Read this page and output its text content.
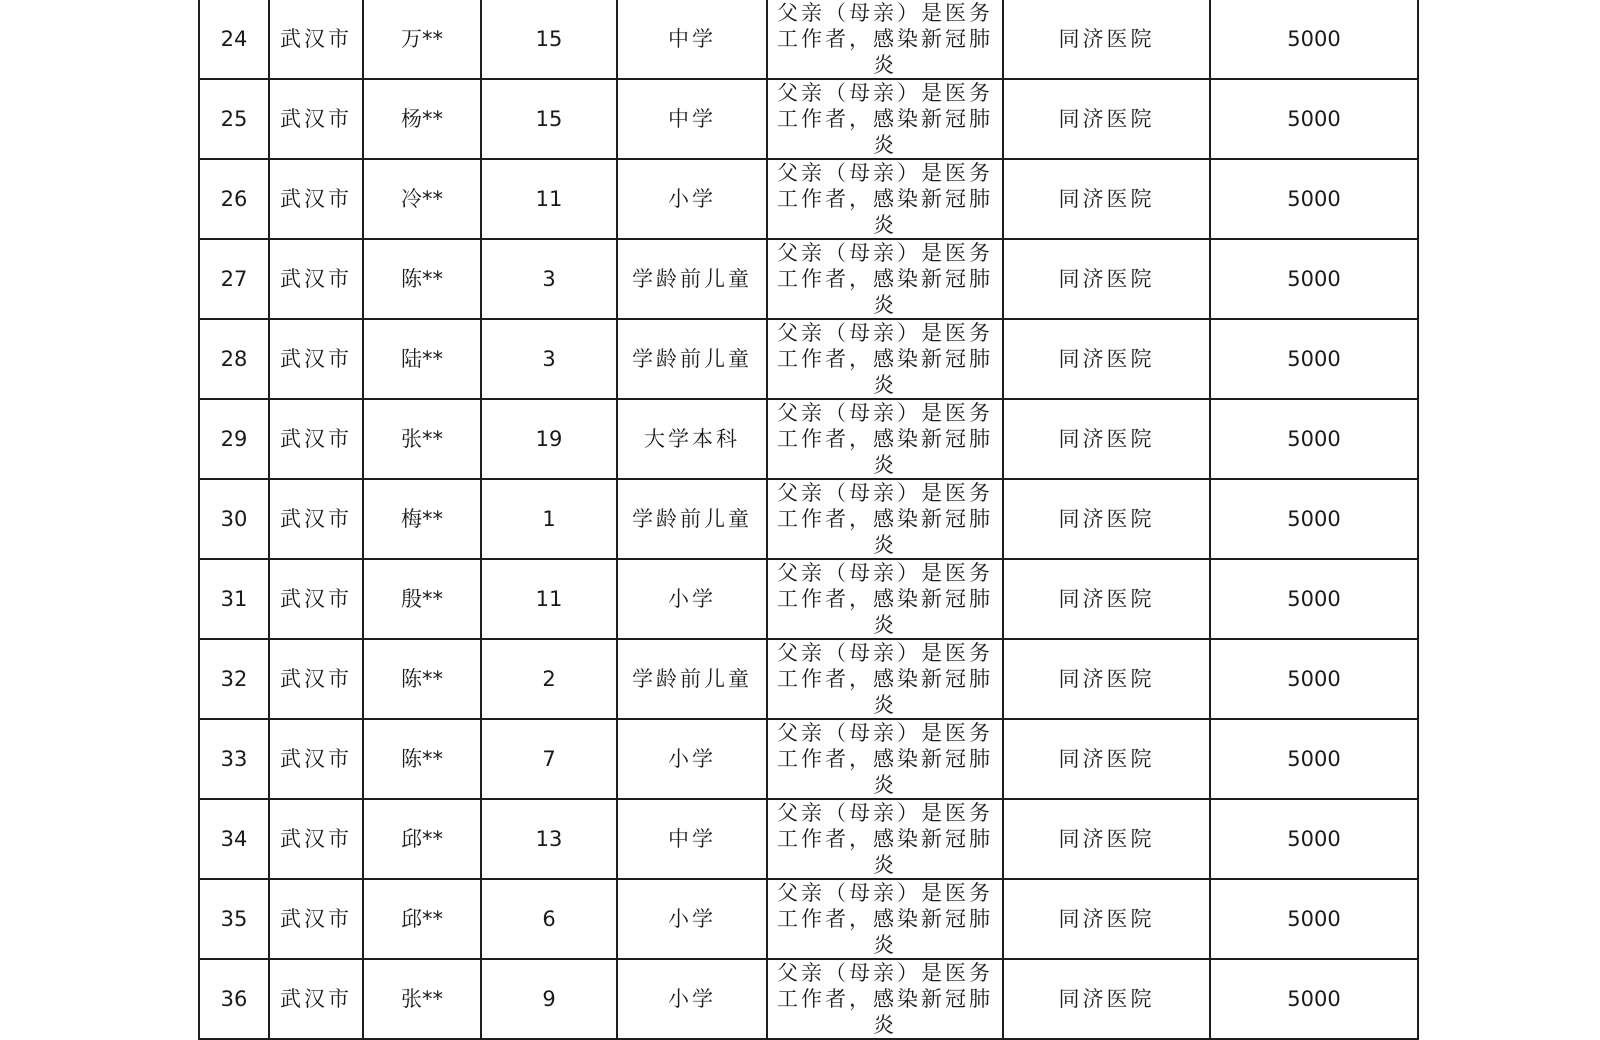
24	武汉市	万**	15	中学	父亲（母亲）是医务工作者，感染新冠肺炎	同济医院	5000
25	武汉市	杨**	15	中学	父亲（母亲）是医务工作者，感染新冠肺炎	同济医院	5000
26	武汉市	冷**	11	小学	父亲（母亲）是医务工作者，感染新冠肺炎	同济医院	5000
27	武汉市	陈**	3	学龄前儿童	父亲（母亲）是医务工作者，感染新冠肺炎	同济医院	5000
28	武汉市	陆**	3	学龄前儿童	父亲（母亲）是医务工作者，感染新冠肺炎	同济医院	5000
29	武汉市	张**	19	大学本科	父亲（母亲）是医务工作者，感染新冠肺炎	同济医院	5000
30	武汉市	梅**	1	学龄前儿童	父亲（母亲）是医务工作者，感染新冠肺炎	同济医院	5000
31	武汉市	殷**	11	小学	父亲（母亲）是医务工作者，感染新冠肺炎	同济医院	5000
32	武汉市	陈**	2	学龄前儿童	父亲（母亲）是医务工作者，感染新冠肺炎	同济医院	5000
33	武汉市	陈**	7	小学	父亲（母亲）是医务工作者，感染新冠肺炎	同济医院	5000
34	武汉市	邱**	13	中学	父亲（母亲）是医务工作者，感染新冠肺炎	同济医院	5000
35	武汉市	邱**	6	小学	父亲（母亲）是医务工作者，感染新冠肺炎	同济医院	5000
36	武汉市	张**	9	小学	父亲（母亲）是医务工作者，感染新冠肺炎	同济医院	5000
